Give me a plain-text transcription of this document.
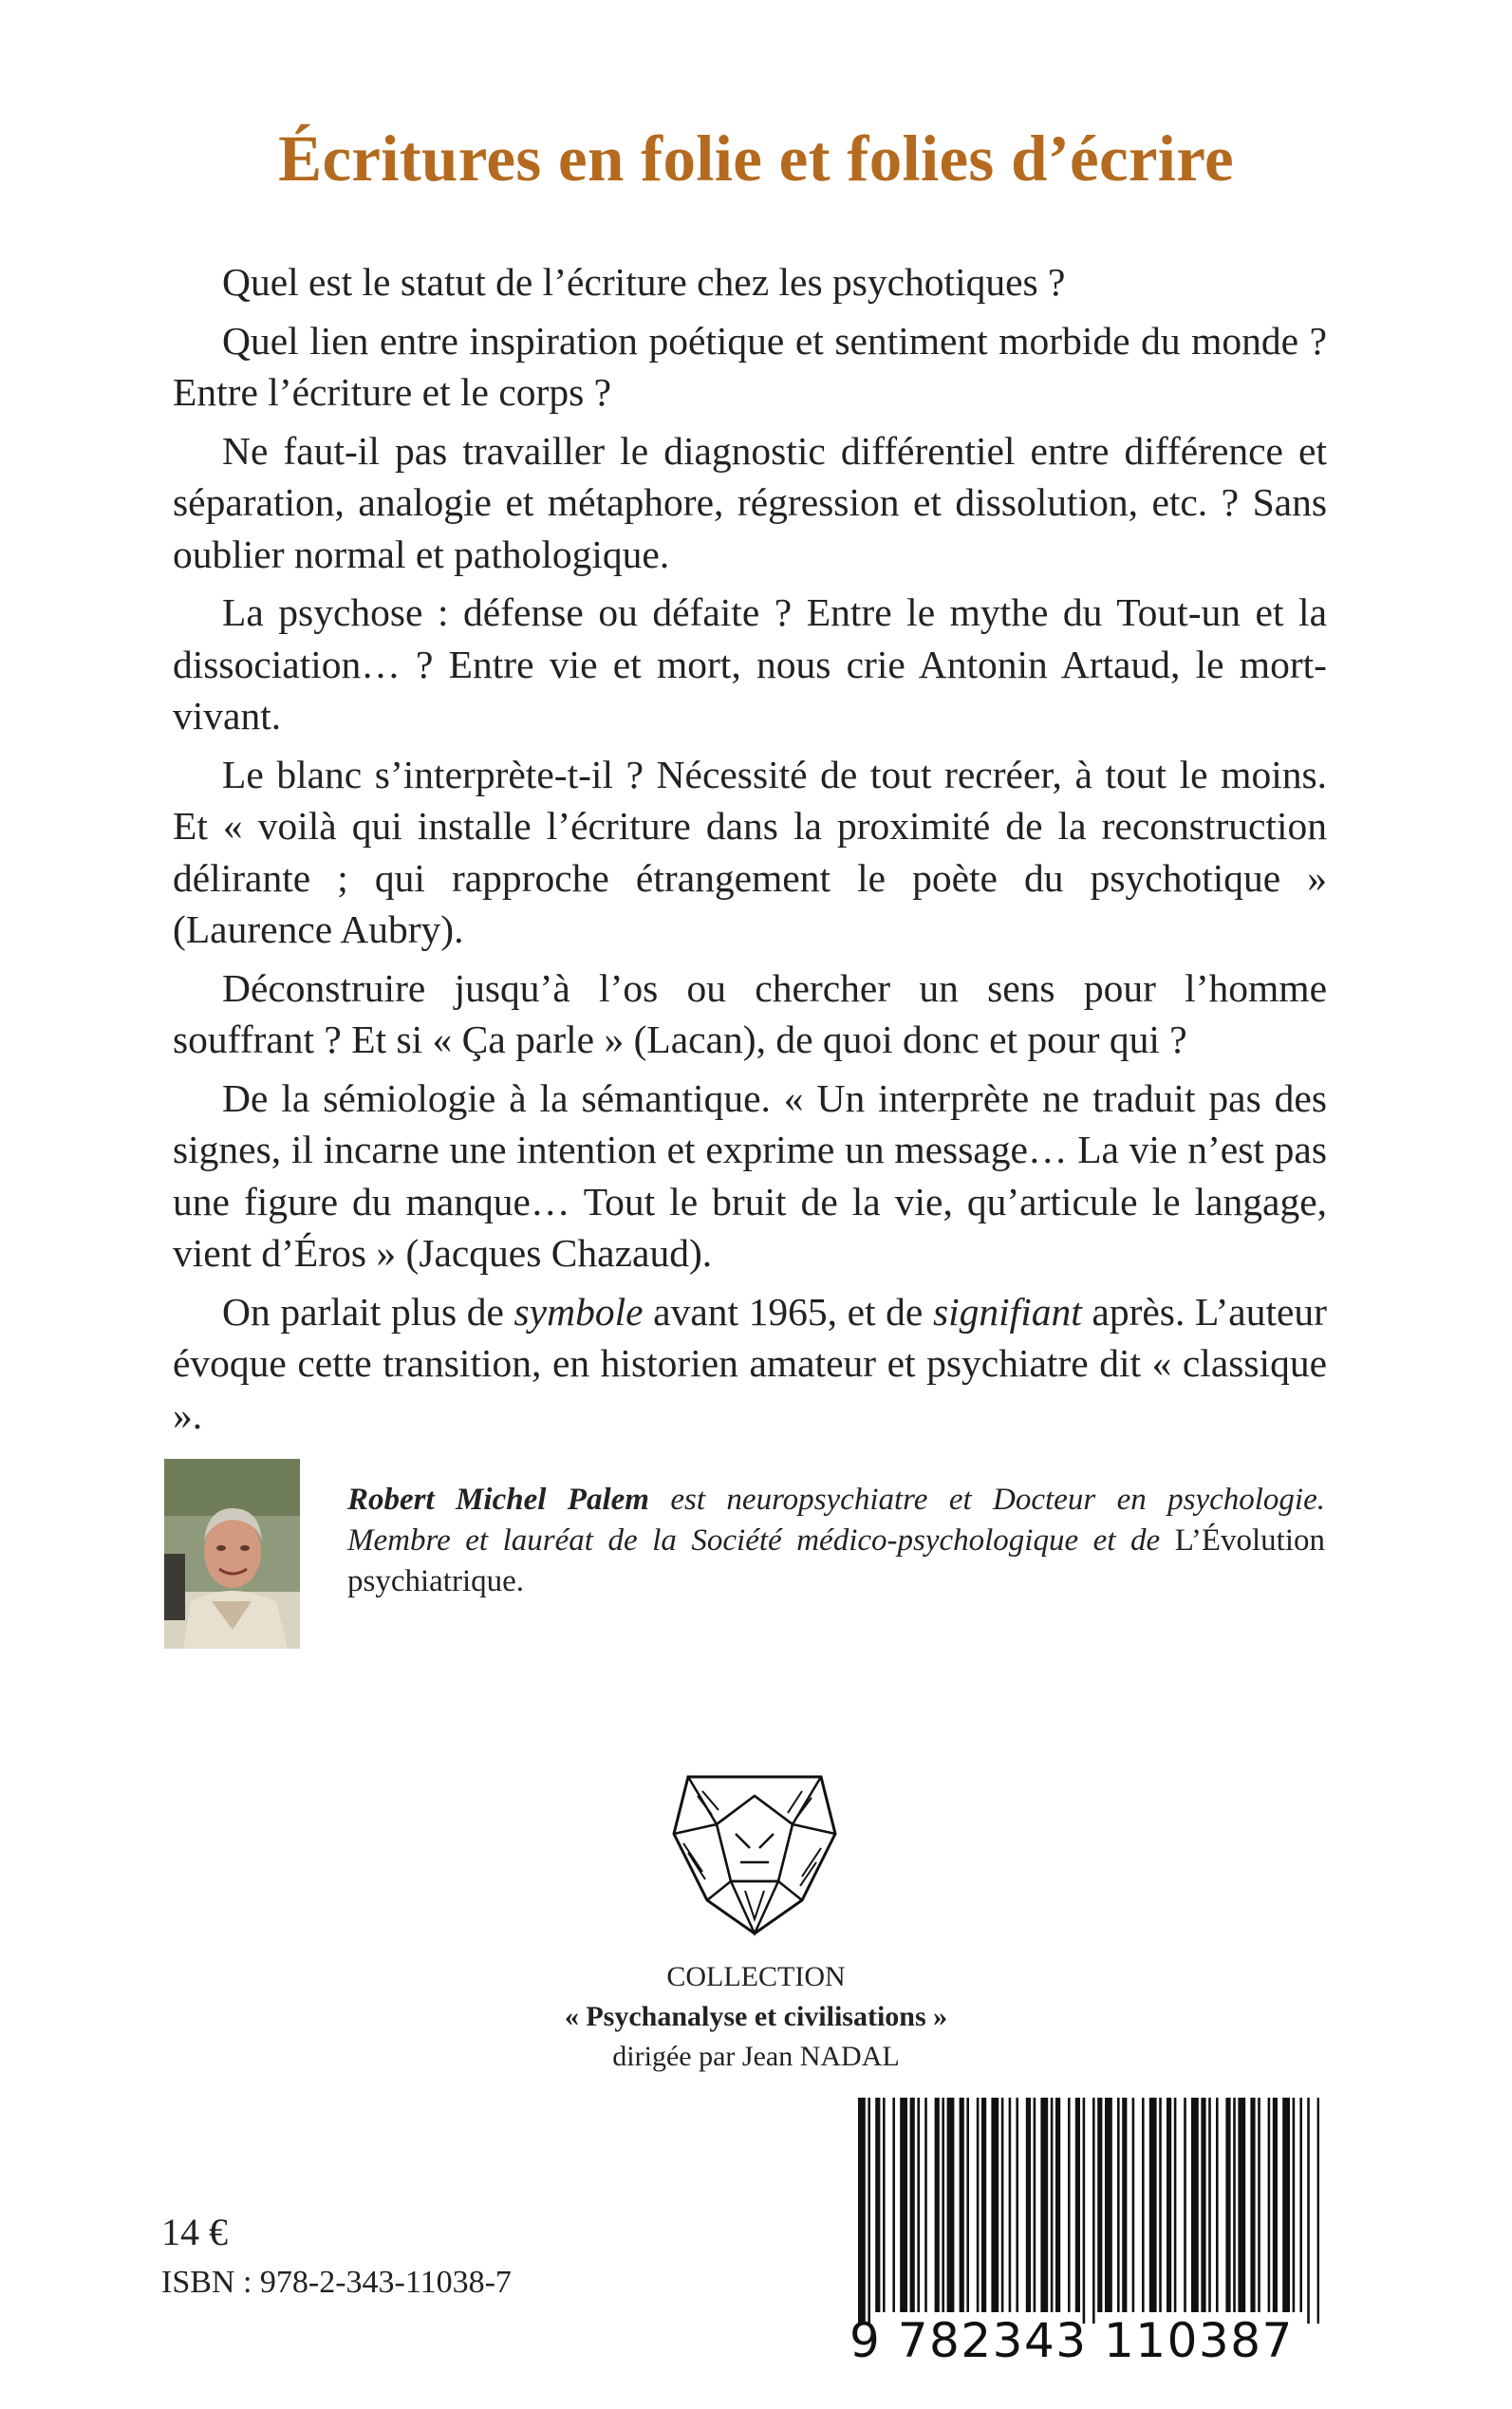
Écritures en folie et folies d’écrire

Quel est le statut de l’écriture chez les psychotiques ?

Quel lien entre inspiration poétique et sentiment morbide du monde ? Entre l’écriture et le corps ?

Ne faut-il pas travailler le diagnostic différentiel entre différence et séparation, analogie et métaphore, régression et dissolution, etc. ? Sans oublier normal et pathologique.

La psychose : défense ou défaite ? Entre le mythe du Tout-un et la dissociation… ? Entre vie et mort, nous crie Antonin Artaud, le mort-vivant.

Le blanc s’interprète-t-il ? Nécessité de tout recréer, à tout le moins. Et « voilà qui installe l’écriture dans la proximité de la reconstruction délirante ; qui rapproche étrangement le poète du psychotique » (Laurence Aubry).

Déconstruire jusqu’à l’os ou chercher un sens pour l’homme souffrant ? Et si « Ça parle » (Lacan), de quoi donc et pour qui ?

De la sémiologie à la sémantique. « Un interprète ne traduit pas des signes, il incarne une intention et exprime un message… La vie n’est pas une figure du manque… Tout le bruit de la vie, qu’articule le langage, vient d’Éros » (Jacques Chazaud).

On parlait plus de symbole avant 1965, et de signifiant après. L’auteur évoque cette transition, en historien amateur et psychiatre dit « classique ».

Robert Michel Palem est neuropsychiatre et Docteur en psychologie. Membre et lauréat de la Société médico-psychologique et de L’Évolution psychiatrique.
COLLECTION
« Psychanalyse et civilisations »
dirigée par Jean NADAL
9 782343 110387
14 €
ISBN : 978-2-343-11038-7
